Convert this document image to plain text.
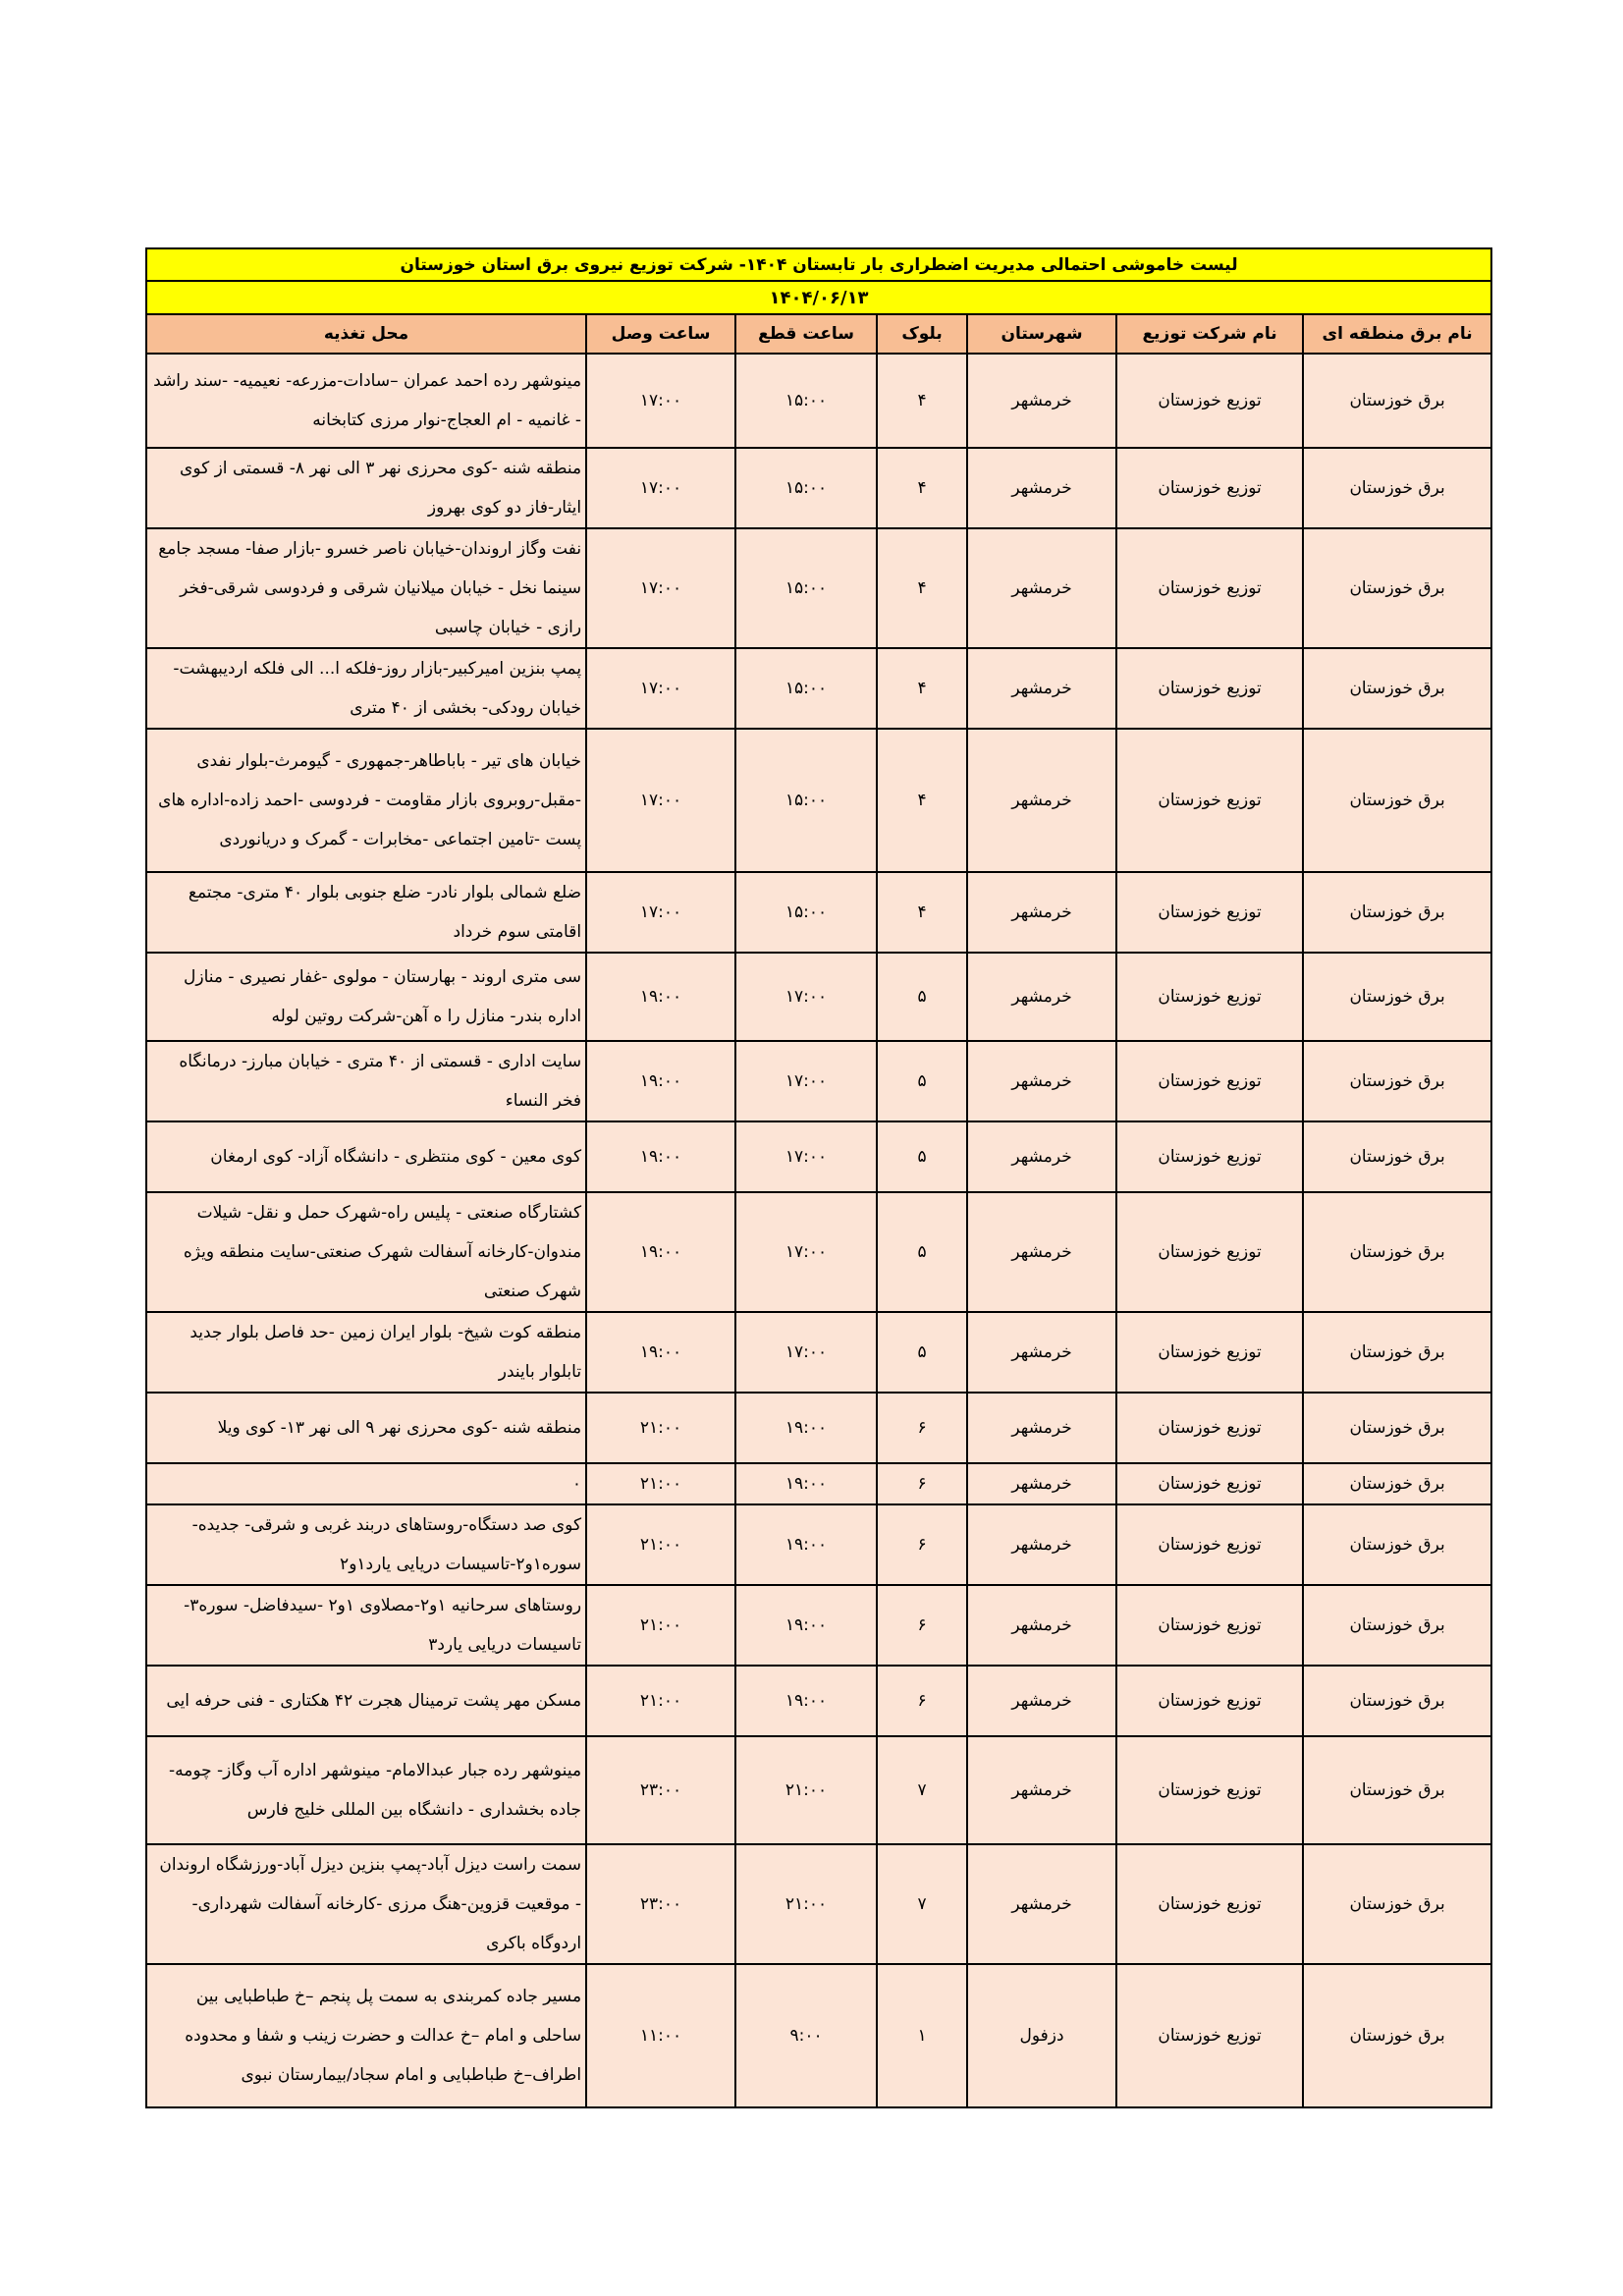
لیست خاموشی احتمالی مدیریت اضطراری بار تابستان ۱۴۰۴- شرکت توزیع نیروی برق استان خوزستان						
۱۴۰۴/۰۶/۱۳						
نام برق منطقه ای	نام شرکت توزیع	شهرستان	بلوک	ساعت قطع	ساعت وصل	محل تغذیه
برق خوزستان	توزیع خوزستان	خرمشهر	۴	۱۵:۰۰	۱۷:۰۰	مینوشهر رده احمد عمران –سادات-مزرعه- نعیمیه- -سند راشد - غانمیه - ام العجاج-نوار مرزی کتابخانه
برق خوزستان	توزیع خوزستان	خرمشهر	۴	۱۵:۰۰	۱۷:۰۰	منطقه شنه -کوی محرزی نهر ۳ الی نهر ۸- قسمتی از کوی ایثار-فاز دو کوی بهروز
برق خوزستان	توزیع خوزستان	خرمشهر	۴	۱۵:۰۰	۱۷:۰۰	نفت وگاز اروندان-خیابان ناصر خسرو -بازار صفا- مسجد جامع سینما نخل - خیابان میلانیان شرقی و فردوسی شرقی-فخر رازی - خیابان چاسبی
برق خوزستان	توزیع خوزستان	خرمشهر	۴	۱۵:۰۰	۱۷:۰۰	پمپ بنزین امیرکبیر-بازار روز-فلکه ا... الی فلکه اردیبهشت-خیابان رودکی- بخشی از ۴۰ متری
برق خوزستان	توزیع خوزستان	خرمشهر	۴	۱۵:۰۰	۱۷:۰۰	خیابان های تیر - باباطاهر-جمهوری - گیومرث-بلوار نفدی -مقبل-روبروی بازار مقاومت - فردوسی -احمد زاده-اداره های پست -تامین اجتماعی -مخابرات - گمرک و دریانوردی
برق خوزستان	توزیع خوزستان	خرمشهر	۴	۱۵:۰۰	۱۷:۰۰	ضلع شمالی بلوار نادر- ضلع جنوبی بلوار ۴۰ متری- مجتمع اقامتی سوم خرداد
برق خوزستان	توزیع خوزستان	خرمشهر	۵	۱۷:۰۰	۱۹:۰۰	سی متری اروند - بهارستان - مولوی -غفار نصیری - منازل اداره بندر- منازل را ه آهن-شرکت روتین لوله
برق خوزستان	توزیع خوزستان	خرمشهر	۵	۱۷:۰۰	۱۹:۰۰	سایت اداری - قسمتی از ۴۰ متری - خیابان مبارز- درمانگاه فخر النساء
برق خوزستان	توزیع خوزستان	خرمشهر	۵	۱۷:۰۰	۱۹:۰۰	کوی معین - کوی منتظری - دانشگاه آزاد- کوی ارمغان
برق خوزستان	توزیع خوزستان	خرمشهر	۵	۱۷:۰۰	۱۹:۰۰	کشتارگاه صنعتی - پلیس راه-شهرک حمل و نقل- شیلات مندوان-کارخانه آسفالت شهرک صنعتی-سایت منطقه ویژه شهرک صنعتی
برق خوزستان	توزیع خوزستان	خرمشهر	۵	۱۷:۰۰	۱۹:۰۰	منطقه کوت شیخ- بلوار ایران زمین -حد فاصل بلوار جدید تابلوار بایندر
برق خوزستان	توزیع خوزستان	خرمشهر	۶	۱۹:۰۰	۲۱:۰۰	منطقه شنه -کوی محرزی نهر ۹ الی نهر ۱۳- کوی ویلا
برق خوزستان	توزیع خوزستان	خرمشهر	۶	۱۹:۰۰	۲۱:۰۰	۰
برق خوزستان	توزیع خوزستان	خرمشهر	۶	۱۹:۰۰	۲۱:۰۰	کوی صد دستگاه-روستاهای دربند غربی و شرقی- جدیده-سوره۱و۲-تاسیسات دریایی یارد۱و۲
برق خوزستان	توزیع خوزستان	خرمشهر	۶	۱۹:۰۰	۲۱:۰۰	روستاهای سرحانیه ۱و۲-مصلاوی ۱و۲ -سیدفاضل- سوره۳-تاسیسات دریایی یارد۳
برق خوزستان	توزیع خوزستان	خرمشهر	۶	۱۹:۰۰	۲۱:۰۰	مسکن مهر پشت ترمینال هجرت ۴۲ هکتاری - فنی حرفه ایی
برق خوزستان	توزیع خوزستان	خرمشهر	۷	۲۱:۰۰	۲۳:۰۰	مینوشهر رده جبار عبدالامام- مینوشهر اداره آب وگاز- چومه- جاده بخشداری - دانشگاه بین المللی خلیج فارس
برق خوزستان	توزیع خوزستان	خرمشهر	۷	۲۱:۰۰	۲۳:۰۰	سمت راست دیزل آباد-پمپ بنزین دیزل آباد-ورزشگاه اروندان - موقعیت قزوین-هنگ مرزی -کارخانه آسفالت شهرداری-اردوگاه باکری
برق خوزستان	توزیع خوزستان	دزفول	۱	۹:۰۰	۱۱:۰۰	مسیر جاده کمربندی به سمت پل پنجم –خ طباطبایی بین ساحلی و امام –خ عدالت و حضرت زینب و شفا و محدوده اطراف–خ طباطبایی و امام سجاد/بیمارستان نبوی
